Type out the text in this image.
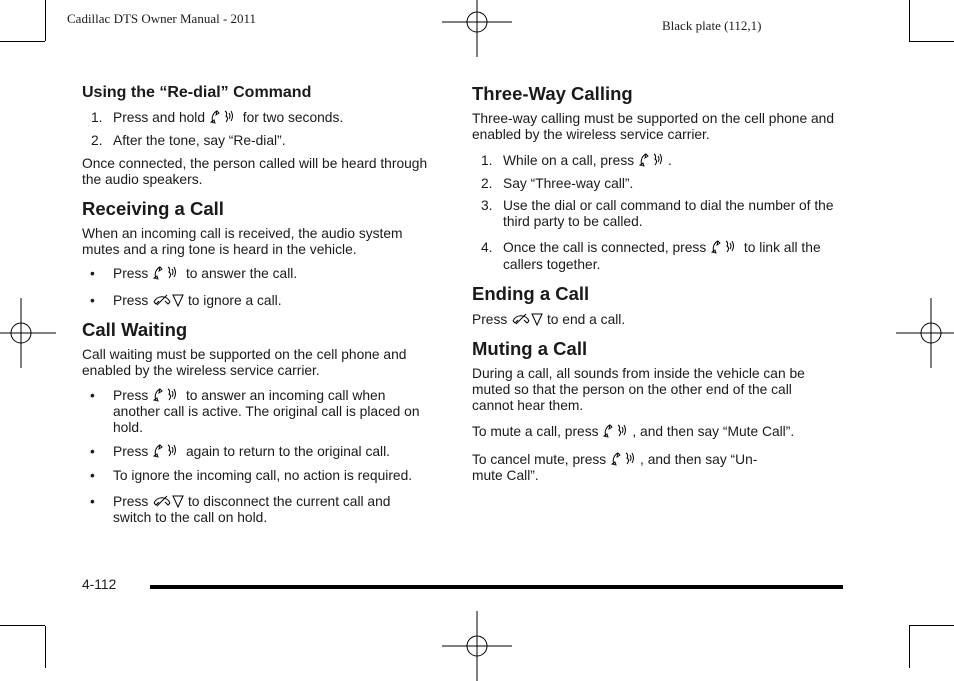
Cadillac DTS Owner Manual - 2011	Black plate (112,1)
Using the “Re-dial” Command
1. Press and hold	for two seconds.
2. After the tone, say “Re-dial”.

Once connected, the person called will be heard through the audio speakers.

Receiving a Call

When an incoming call is received, the audio system mutes and a ring tone is heard in the vehicle.

• Press	to answer the call.
• Press	to ignore a call.
Call Waiting

Call waiting must be supported on the cell phone and enabled by the wireless service carrier.

• Press	to answer an incoming call when another call is active. The original call is placed on hold.
• Press	again to return to the original call.
• To ignore the incoming call, no action is required.
• Press	to disconnect the current call and switch to the call on hold.
Three-Way Calling

Three-way calling must be supported on the cell phone and enabled by the wireless service carrier.

1. While on a call, press .
2. Say “Three-way call”.
3. Use the dial or call command to dial the number of the third party to be called.
4. Once the call is connected, press	to link all the callers together.
Ending a Call

Press	to end a call.

Muting a Call

During a call, all sounds from inside the vehicle can be muted so that the person on the other end of the call cannot hear them.

To mute a call, press , and then say “Mute Call”.

To cancel mute, press , and then say “Un-mute Call”.

4-112
